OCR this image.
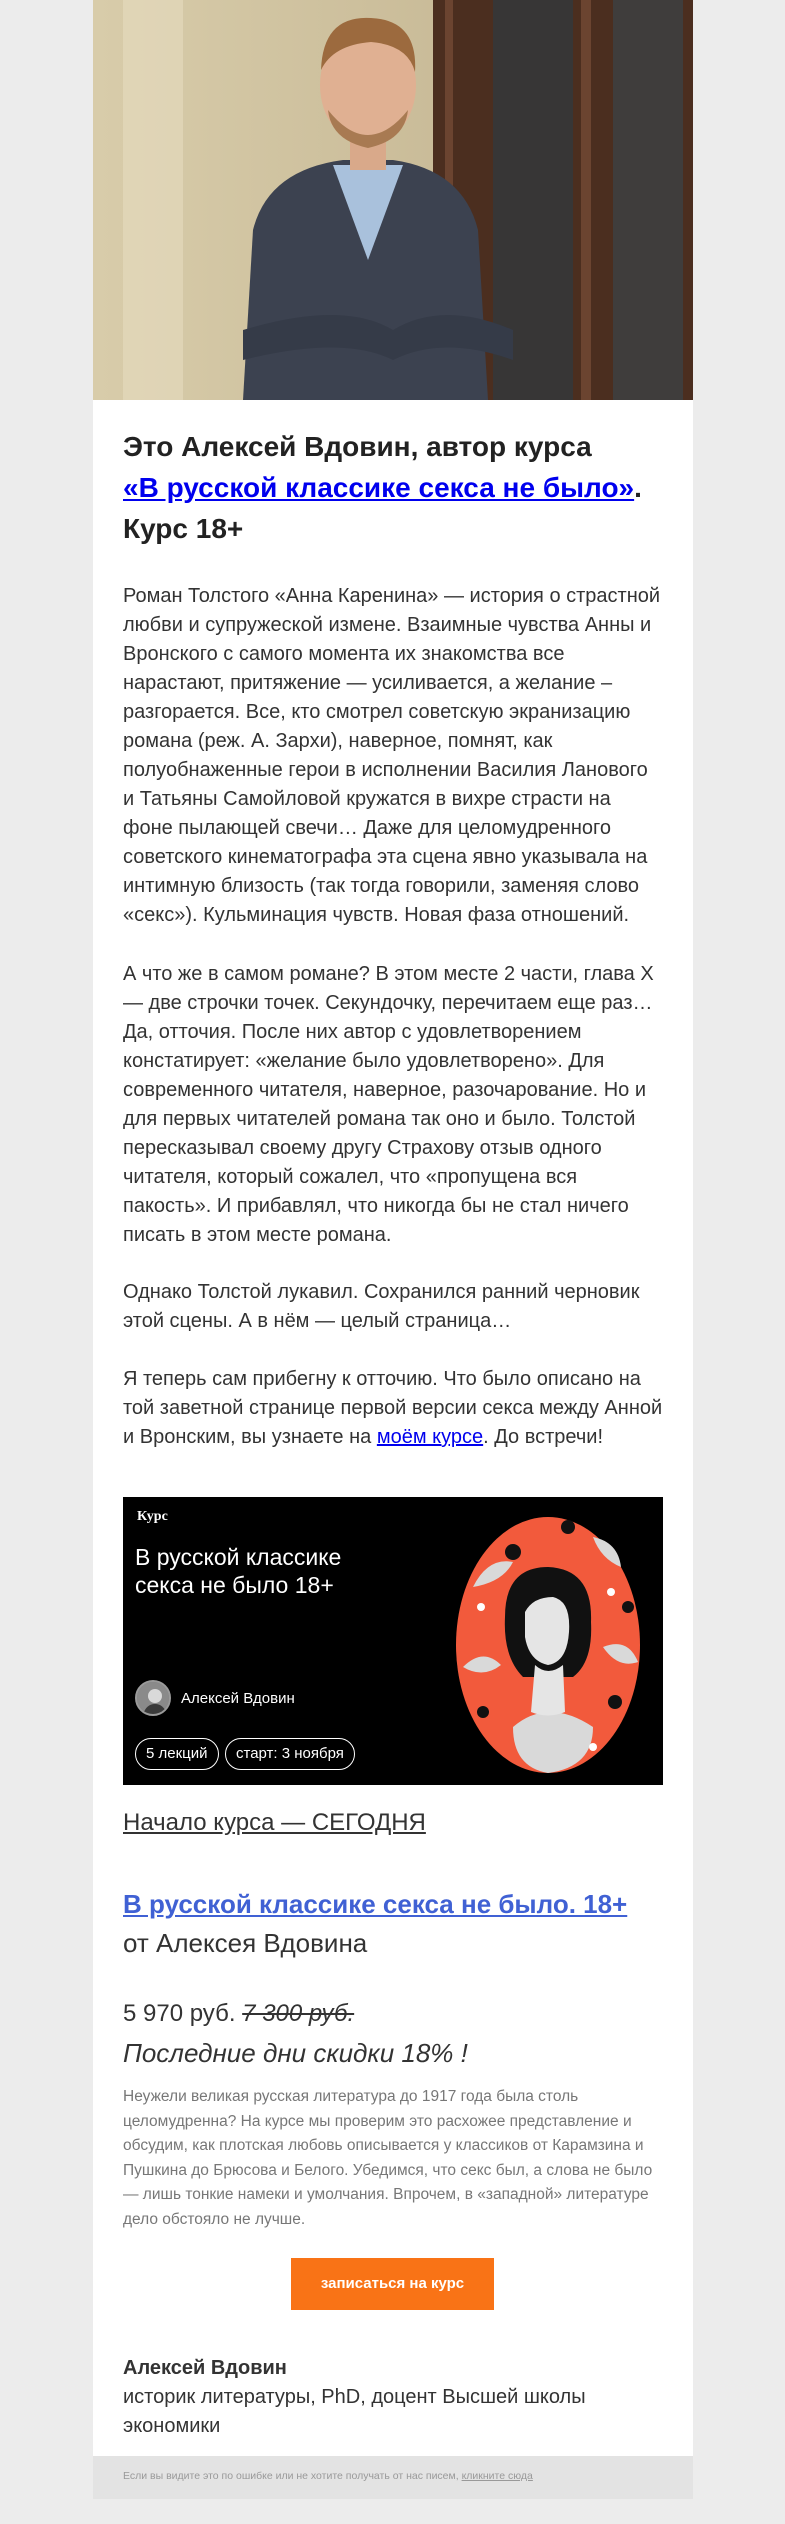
Это Алексей Вдовин, автор курса
«В русской классике секса не было».
Курс 18+

Роман Толстого «Анна Каренина» — история о страстной любви и супружеской измене. Взаимные чувства Анны и Вронского с самого момента их знакомства все нарастают, притяжение — усиливается, а желание – разгорается. Все, кто смотрел советскую экранизацию романа (реж. А. Зархи), наверное, помнят, как полуобнаженные герои в исполнении Василия Ланового и Татьяны Самойловой кружатся в вихре страсти на фоне пылающей свечи… Даже для целомудренного советского кинематографа эта сцена явно указывала на интимную близость (так тогда говорили, заменяя слово «секс»). Кульминация чувств. Новая фаза отношений.

А что же в самом романе? В этом месте 2 части, глава X — две строчки точек. Секундочку, перечитаем еще раз… Да, отточия. После них автор с удовлетворением констатирует: «желание было удовлетворено». Для современного читателя, наверное, разочарование. Но и для первых читателей романа так оно и было. Толстой пересказывал своему другу Страхову отзыв одного читателя, который сожалел, что «пропущена вся пакость». И прибавлял, что никогда бы не стал ничего писать в этом месте романа.

Однако Толстой лукавил. Сохранился ранний черновик этой сцены. А в нём — целый страница…

Я теперь сам прибегну к отточию. Что было описано на той заветной странице первой версии секса между Анной и Вронским, вы узнаете на моём курсе. До встречи!

Курс
В русской классике секса не было 18+
Алексей Вдовин
5 лекций	старт: 3 ноября
Начало курса — СЕГОДНЯ
В русской классике секса не было. 18+
от Алексея Вдовина
5 970 руб. 7 300 руб.
Последние дни скидки 18% !

Неужели великая русская литература до 1917 года была столь целомудренна? На курсе мы проверим это расхожее представление и обсудим, как плотская любовь описывается у классиков от Карамзина и Пушкина до Брюсова и Белого. Убедимся, что секс был, а слова не было — лишь тонкие намеки и умолчания. Впрочем, в «западной» литературе дело обстояло не лучше.

записаться на курс
Алексей Вдовин
историк литературы, PhD, доцент Высшей школы экономики
Если вы видите это по ошибке или не хотите получать от нас писем, кликните сюда
